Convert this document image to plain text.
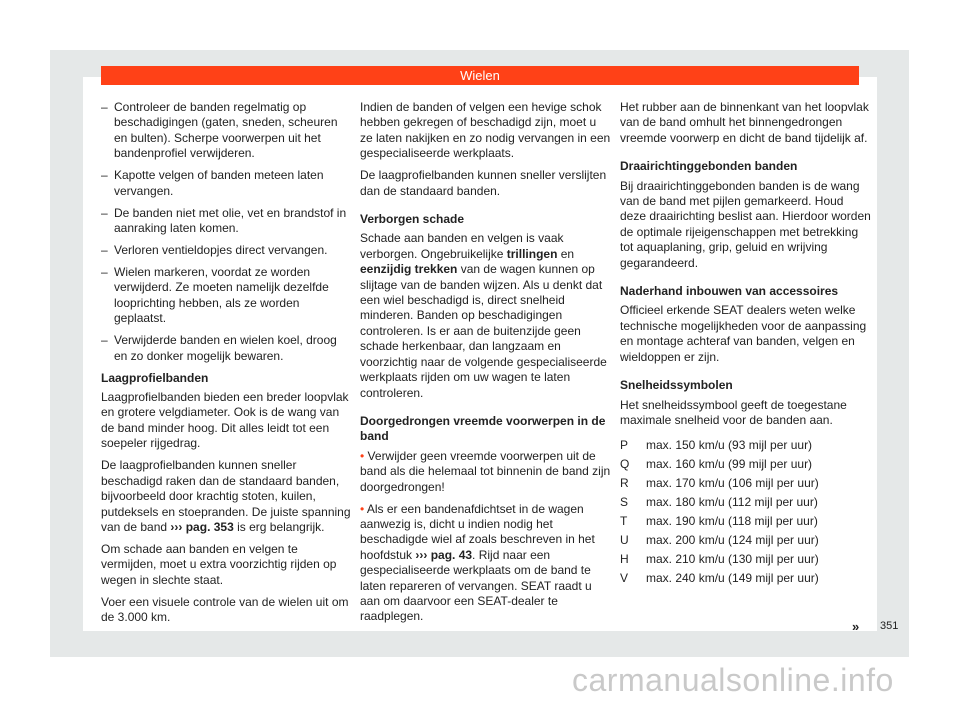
Wielen
– Controleer de banden regelmatig op beschadigingen (gaten, sneden, scheuren en bulten). Scherpe voorwerpen uit het bandenprofiel verwijderen.
– Kapotte velgen of banden meteen laten vervangen.
– De banden niet met olie, vet en brandstof in aanraking laten komen.
– Verloren ventieldopjes direct vervangen.
– Wielen markeren, voordat ze worden verwijderd. Ze moeten namelijk dezelfde looprichting hebben, als ze worden geplaatst.
– Verwijderde banden en wielen koel, droog en zo donker mogelijk bewaren.
Laagprofielbanden

Laagprofielbanden bieden een breder loopvlak en grotere velgdiameter. Ook is de wang van de band minder hoog. Dit alles leidt tot een soepeler rijgedrag.

De laagprofielbanden kunnen sneller beschadigd raken dan de standaard banden, bijvoorbeeld door krachtig stoten, kuilen, putdeksels en stoepranden. De juiste spanning van de band ››› pag. 353 is erg belangrijk.

Om schade aan banden en velgen te vermijden, moet u extra voorzichtig rijden op wegen in slechte staat.

Voer een visuele controle van de wielen uit om de 3.000 km.

Indien de banden of velgen een hevige schok hebben gekregen of beschadigd zijn, moet u ze laten nakijken en zo nodig vervangen in een gespecialiseerde werkplaats.

De laagprofielbanden kunnen sneller verslijten dan de standaard banden.

Verborgen schade

Schade aan banden en velgen is vaak verborgen. Ongebruikelijke trillingen en eenzijdig trekken van de wagen kunnen op slijtage van de banden wijzen. Als u denkt dat een wiel beschadigd is, direct snelheid minderen. Banden op beschadigingen controleren. Is er aan de buitenzijde geen schade herkenbaar, dan langzaam en voorzichtig naar de volgende gespecialiseerde werkplaats rijden om uw wagen te laten controleren.

Doorgedrongen vreemde voorwerpen in de band

• Verwijder geen vreemde voorwerpen uit de band als die helemaal tot binnenin de band zijn doorgedrongen!

• Als er een bandenafdichtset in de wagen aanwezig is, dicht u indien nodig het beschadigde wiel af zoals beschreven in het hoofdstuk ››› pag. 43. Rijd naar een gespecialiseerde werkplaats om de band te laten repareren of vervangen. SEAT raadt u aan om daarvoor een SEAT-dealer te raadplegen.

Het rubber aan de binnenkant van het loopvlak van de band omhult het binnengedrongen vreemde voorwerp en dicht de band tijdelijk af.

Draairichtinggebonden banden

Bij draairichtinggebonden banden is de wang van de band met pijlen gemarkeerd. Houd deze draairichting beslist aan. Hierdoor worden de optimale rijeigenschappen met betrekking tot aquaplaning, grip, geluid en wrijving gegarandeerd.

Naderhand inbouwen van accessoires

Officieel erkende SEAT dealers weten welke technische mogelijkheden voor de aanpassing en montage achteraf van banden, velgen en wieldoppen er zijn.

Snelheidssymbolen

Het snelheidssymbool geeft de toegestane maximale snelheid voor de banden aan.

P	max. 150 km/u (93 mijl per uur)
Q	max. 160 km/u (99 mijl per uur)
R	max. 170 km/u (106 mijl per uur)
S	max. 180 km/u (112 mijl per uur)
T	max. 190 km/u (118 mijl per uur)
U	max. 200 km/u (124 mijl per uur)
H	max. 210 km/u (130 mijl per uur)
V	max. 240 km/u (149 mijl per uur)
» 351
carmanualsonline.info
